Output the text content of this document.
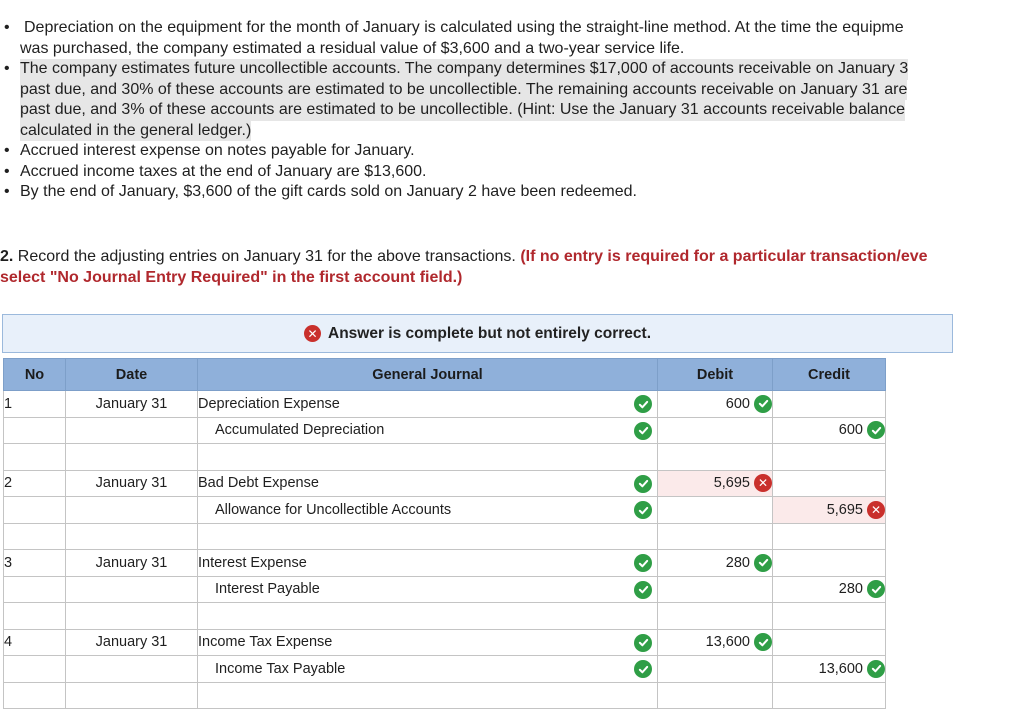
• Depreciation on the equipment for the month of January is calculated using the straight-line method. At the time the equipme
was purchased, the company estimated a residual value of $3,600 and a two-year service life.

• The company estimates future uncollectible accounts. The company determines $17,000 of accounts receivable on January 3
past due, and 30% of these accounts are estimated to be uncollectible. The remaining accounts receivable on January 31 are
past due, and 3% of these accounts are estimated to be uncollectible. (Hint: Use the January 31 accounts receivable balance
calculated in the general ledger.)

• Accrued interest expense on notes payable for January.

• Accrued income taxes at the end of January are $13,600.

• By the end of January, $3,600 of the gift cards sold on January 2 have been redeemed.

2. Record the adjusting entries on January 31 for the above transactions. (If no entry is required for a particular transaction/eve
select "No Journal Entry Required" in the first account field.)
✕ Answer is complete but not entirely correct.
No	Date	General Journal	Debit	Credit
1	January 31	Depreciation Expense	600

		Accumulated Depreciation		600

2	January 31	Bad Debt Expense	5,695 ✕	
		Allowance for Uncollectible Accounts		5,695 ✕

3	January 31	Interest Expense	280

		Interest Payable		280

4	January 31	Income Tax Expense	13,600

		Income Tax Payable		13,600
